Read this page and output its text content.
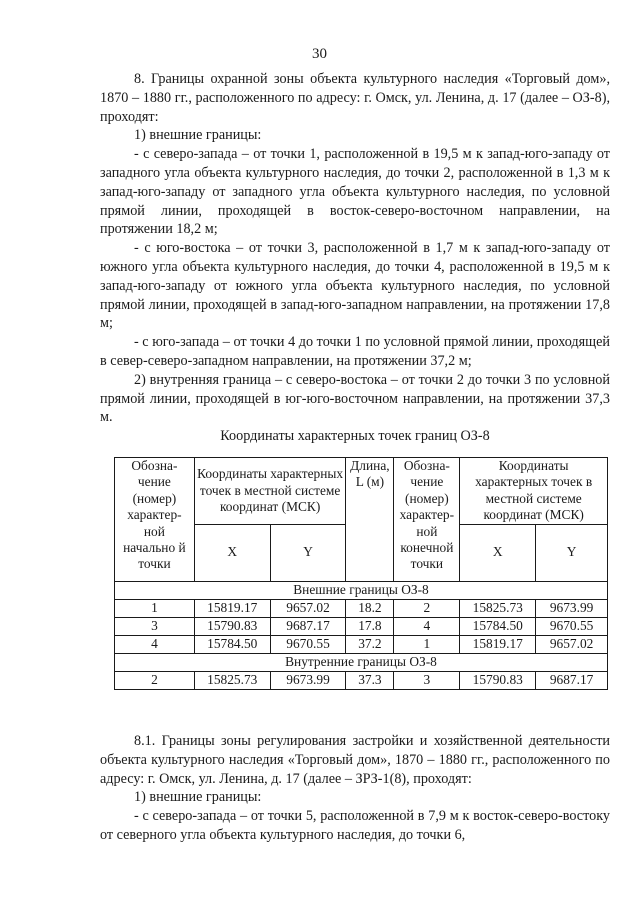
30

8. Границы охранной зоны объекта культурного наследия «Торговый дом», 1870 – 1880 гг., расположенного по адресу: г. Омск, ул. Ленина, д. 17 (далее – ОЗ-8), проходят:

1) внешние границы:

- с северо-запада – от точки 1, расположенной в 19,5 м к запад-юго-западу от западного угла объекта культурного наследия, до точки 2, расположенной в 1,3 м к запад-юго-западу от западного угла объекта культурного наследия, по условной прямой линии, проходящей в восток-северо-восточном направлении, на протяжении 18,2 м;

- с юго-востока – от точки 3, расположенной в 1,7 м к запад-юго-западу от южного угла объекта культурного наследия, до точки 4, расположенной в 19,5 м к запад-юго-западу от южного угла объекта культурного наследия, по условной прямой линии, проходящей в запад-юго-западном направлении, на протяжении 17,8 м;

- с юго-запада – от точки 4 до точки 1 по условной прямой линии, проходящей в север-северо-западном направлении, на протяжении 37,2 м;

2) внутренняя граница – с северо-востока – от точки 2 до точки 3 по условной прямой линии, проходящей в юг-юго-восточном направлении, на протяжении 37,3 м.

Координаты характерных точек границ ОЗ-8
Обозна-чение (номер) характер-ной начально й точки	Координаты характерных точек в местной системе координат (МСК)		Длина, L (м)	Обозна-чение (номер) характер-ной конечной точки	Координаты характерных точек в местной системе координат (МСК)	
	X	Y			X	Y
Внешние границы ОЗ-8						
1	15819.17	9657.02	18.2	2	15825.73	9673.99
3	15790.83	9687.17	17.8	4	15784.50	9670.55
4	15784.50	9670.55	37.2	1	15819.17	9657.02
Внутренние границы ОЗ-8						
2	15825.73	9673.99	37.3	3	15790.83	9687.17

8.1. Границы зоны регулирования застройки и хозяйственной деятельности объекта культурного наследия «Торговый дом», 1870 – 1880 гг., расположенного по адресу: г. Омск, ул. Ленина, д. 17 (далее – ЗРЗ-1(8), проходят:

1) внешние границы:

- с северо-запада – от точки 5, расположенной в 7,9 м к восток-северо-востоку от северного угла объекта культурного наследия, до точки 6,
